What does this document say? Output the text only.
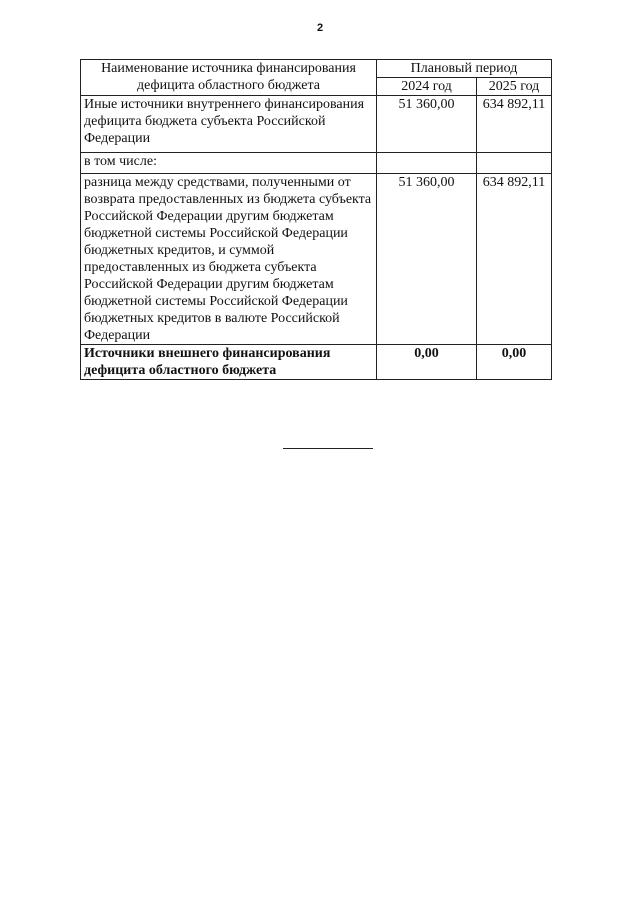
2
Наименование источника финансирования дефицита областного бюджета	Плановый период	
	2024 год	2025 год
Иные источники внутреннего финансирования дефицита бюджета субъекта Российской Федерации	51 360,00	634 892,11
в том числе:		
разница между средствами, полученными от возврата предоставленных из бюджета субъекта Российской Федерации другим бюджетам бюджетной системы Российской Федерации бюджетных кредитов, и суммой предоставленных из бюджета субъекта Российской Федерации другим бюджетам бюджетной системы Российской Федерации бюджетных кредитов в валюте Российской Федерации	51 360,00	634 892,11
Источники внешнего финансирования дефицита областного бюджета	0,00	0,00
